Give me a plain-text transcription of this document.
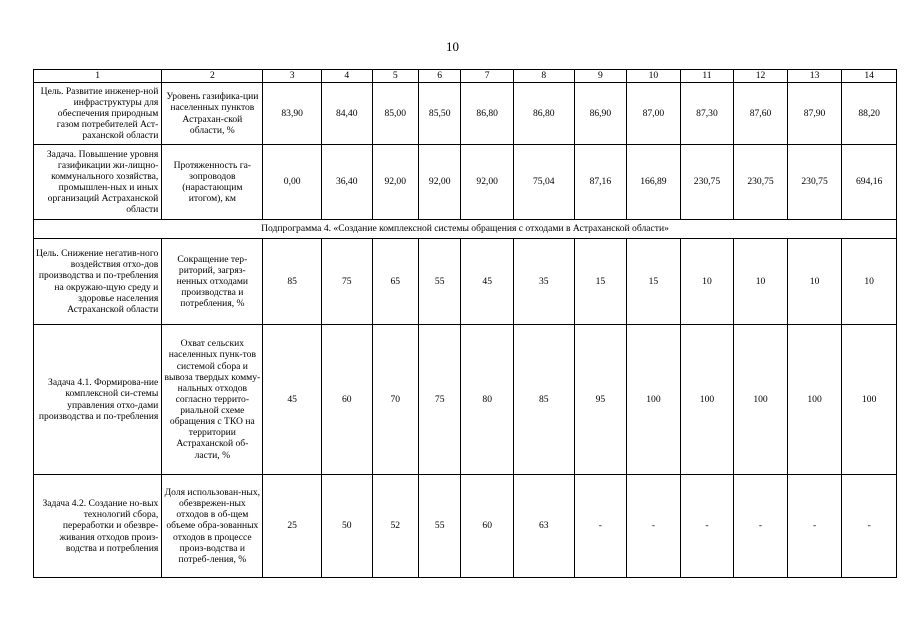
10
1	2	3	4	5	6	7	8	9	10	11	12	13	14
Цель. Развитие инженер-ной инфраструктуры для обеспечения природным газом потребителей Аст-раханской области	Уровень газифика-ции населенных пунктов Астрахан-ской области, %	83,90	84,40	85,00	85,50	86,80	86,80	86,90	87,00	87,30	87,60	87,90	88,20
Задача. Повышение уровня газификации жи-лищно-коммунального хозяйства, промышлен-ных и иных организаций Астраханской области	Протяженность га-зопроводов (нарастающим итогом), км	0,00	36,40	92,00	92,00	92,00	75,04	87,16	166,89	230,75	230,75	230,75	694,16
Подпрограмма 4. «Создание комплексной системы обращения с отходами в Астраханской области»													
Цель. Снижение негатив-ного воздействия отхо-дов производства и по-требления на окружаю-щую среду и здоровье населения Астраханской области	Сокращение тер-риторий, загряз-ненных отходами производства и потребления, %	85	75	65	55	45	35	15	15	10	10	10	10
Задача 4.1. Формирова-ние комплексной си-стемы управления отхо-дами производства и по-требления	Охват сельских населенных пунк-тов системой сбора и вывоза твердых комму-нальных отходов согласно террито-риальной схеме обращения с ТКО на территории Астраханской об-ласти, %	45	60	70	75	80	85	95	100	100	100	100	100
Задача 4.2. Создание но-вых технологий сбора, переработки и обезвре-живания отходов произ-водства и потребления	Доля использован-ных, обезврежен-ных отходов в об-щем объеме обра-зованных отходов в процессе произ-водства и потреб-ления, %	25	50	52	55	60	63	-	-	-	-	-	-
